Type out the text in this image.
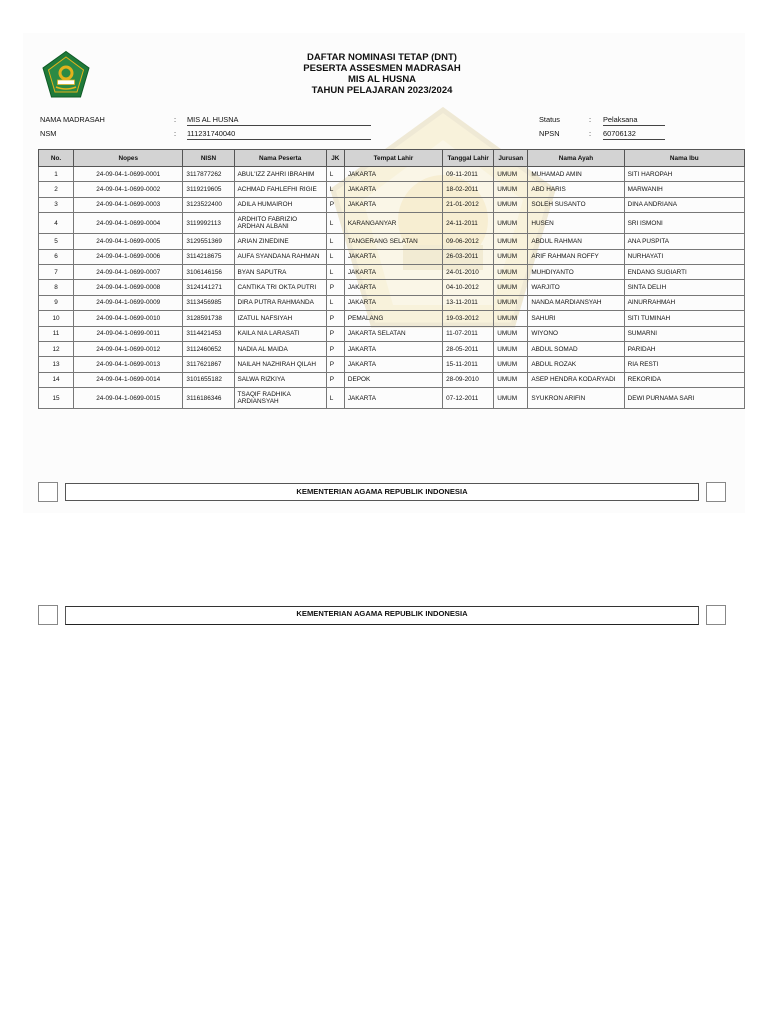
DAFTAR NOMINASI TETAP (DNT)
PESERTA ASSESMEN MADRASAH
MIS AL HUSNA
TAHUN PELAJARAN 2023/2024
NAMA MADRASAH	: MIS AL HUSNA
NSM	: 111231740040
Status	: Pelaksana
NPSN	: 60706132
No.	Nopes	NISN	Nama Peserta	JK	Tempat Lahir	Tanggal Lahir	Jurusan	Nama Ayah	Nama Ibu
1	24-09-04-1-0699-0001	3117877262	ABUL'IZZ ZAHRI IBRAHIM	L	JAKARTA	09-11-2011	UMUM	MUHAMAD AMIN	SITI HAROPAH
2	24-09-04-1-0699-0002	3119219605	ACHMAD FAHLEFHI RIGIE	L	JAKARTA	18-02-2011	UMUM	ABD HARIS	MARWANIH
3	24-09-04-1-0699-0003	3123522400	ADILA HUMAIROH	P	JAKARTA	21-01-2012	UMUM	SOLEH SUSANTO	DINA ANDRIANA
4	24-09-04-1-0699-0004	3119992113	ARDHITO FABRIZIO ARDHAN ALBANI	L	KARANGANYAR	24-11-2011	UMUM	HUSEN	SRI ISMONI
5	24-09-04-1-0699-0005	3129551369	ARIAN ZINEDINE	L	TANGERANG SELATAN	09-06-2012	UMUM	ABDUL RAHMAN	ANA PUSPITA
6	24-09-04-1-0699-0006	3114218675	AUFA SYANDANA RAHMAN	L	JAKARTA	26-03-2011	UMUM	ARIF RAHMAN ROFFY	NURHAYATI
7	24-09-04-1-0699-0007	3106146156	BYAN SAPUTRA	L	JAKARTA	24-01-2010	UMUM	MUHDIYANTO	ENDANG SUGIARTI
8	24-09-04-1-0699-0008	3124141271	CANTIKA TRI OKTA PUTRI	P	JAKARTA	04-10-2012	UMUM	WARJITO	SINTA DELIH
9	24-09-04-1-0699-0009	3113456985	DIRA PUTRA RAHMANDA	L	JAKARTA	13-11-2011	UMUM	NANDA MARDIANSYAH	AINURRAHMAH
10	24-09-04-1-0699-0010	3128591738	IZATUL NAFSIYAH	P	PEMALANG	19-03-2012	UMUM	SAHURI	SITI TUMINAH
11	24-09-04-1-0699-0011	3114421453	KAILA NIA LARASATI	P	JAKARTA SELATAN	11-07-2011	UMUM	WIYONO	SUMARNI
12	24-09-04-1-0699-0012	3112460652	NADIA AL MAIDA	P	JAKARTA	28-05-2011	UMUM	ABDUL SOMAD	PARIDAH
13	24-09-04-1-0699-0013	3117621867	NAILAH NAZHIRAH QILAH	P	JAKARTA	15-11-2011	UMUM	ABDUL ROZAK	RIA RESTI
14	24-09-04-1-0699-0014	3101655182	SALWA RIZKIYA	P	DEPOK	28-09-2010	UMUM	ASEP HENDRA KODARYADI	REKORIDA
15	24-09-04-1-0699-0015	3116186346	TSAQIF RADHIKA ARDIANSYAH	L	JAKARTA	07-12-2011	UMUM	SYUKRON ARIFIN	DEWI PURNAMA SARI
KEMENTERIAN AGAMA REPUBLIK INDONESIA
KEMENTERIAN AGAMA REPUBLIK INDONESIA
